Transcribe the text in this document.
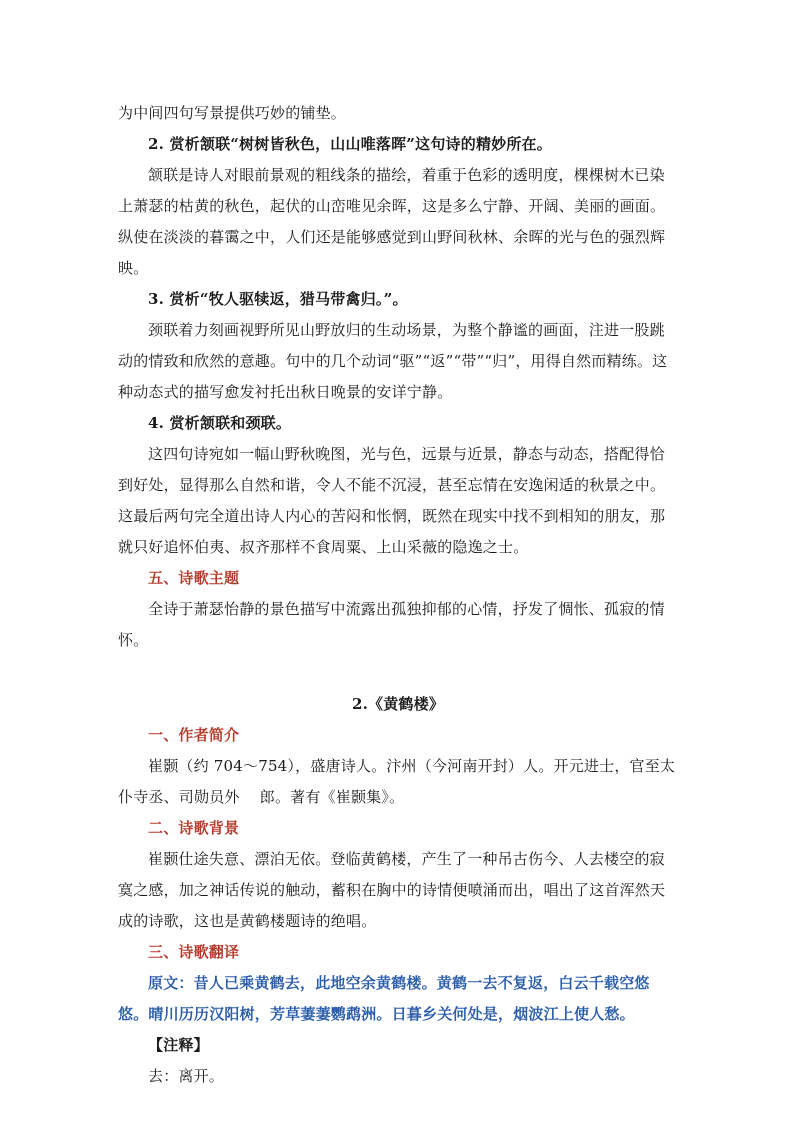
为中间四句写景提供巧妙的铺垫。

2. 赏析颔联“树树皆秋色，山山唯落晖”这句诗的精妙所在。

颔联是诗人对眼前景观的粗线条的描绘，着重于色彩的透明度，棵棵树木已染上萧瑟的枯黄的秋色，起伏的山峦唯见余晖，这是多么宁静、开阔、美丽的画面。纵使在淡淡的暮霭之中，人们还是能够感觉到山野间秋林、余晖的光与色的强烈辉映。

3. 赏析“牧人驱犊返，猎马带禽归。”。

颈联着力刻画视野所见山野放归的生动场景，为整个静谧的画面，注进一股跳动的情致和欣然的意趣。句中的几个动词“驱”“返”“带”“归”，用得自然而精练。这种动态式的描写愈发衬托出秋日晚景的安详宁静。

4. 赏析颔联和颈联。

这四句诗宛如一幅山野秋晚图，光与色，远景与近景，静态与动态，搭配得恰到好处，显得那么自然和谐，令人不能不沉浸，甚至忘情在安逸闲适的秋景之中。这最后两句完全道出诗人内心的苦闷和怅惘，既然在现实中找不到相知的朋友，那就只好追怀伯夷、叔齐那样不食周粟、上山采薇的隐逸之士。

五、诗歌主题

全诗于萧瑟怡静的景色描写中流露出孤独抑郁的心情，抒发了惆怅、孤寂的情怀。

2.《黄鹤楼》

一、作者简介

崔颢（约 704～754），盛唐诗人。汴州（今河南开封）人。开元进士，官至太仆寺丞、司勋员外　 郎。著有《崔颢集》。

二、诗歌背景

崔颢仕途失意、漂泊无依。登临黄鹤楼，产生了一种吊古伤今、人去楼空的寂寞之感，加之神话传说的触动，蓄积在胸中的诗情便喷涌而出，唱出了这首浑然天成的诗歌，这也是黄鹤楼题诗的绝唱。

三、诗歌翻译

原文：昔人已乘黄鹤去，此地空余黄鹤楼。黄鹤一去不复返，白云千载空悠悠。晴川历历汉阳树，芳草萋萋鹦鹉洲。日暮乡关何处是，烟波江上使人愁。

【注释】

去：离开。
